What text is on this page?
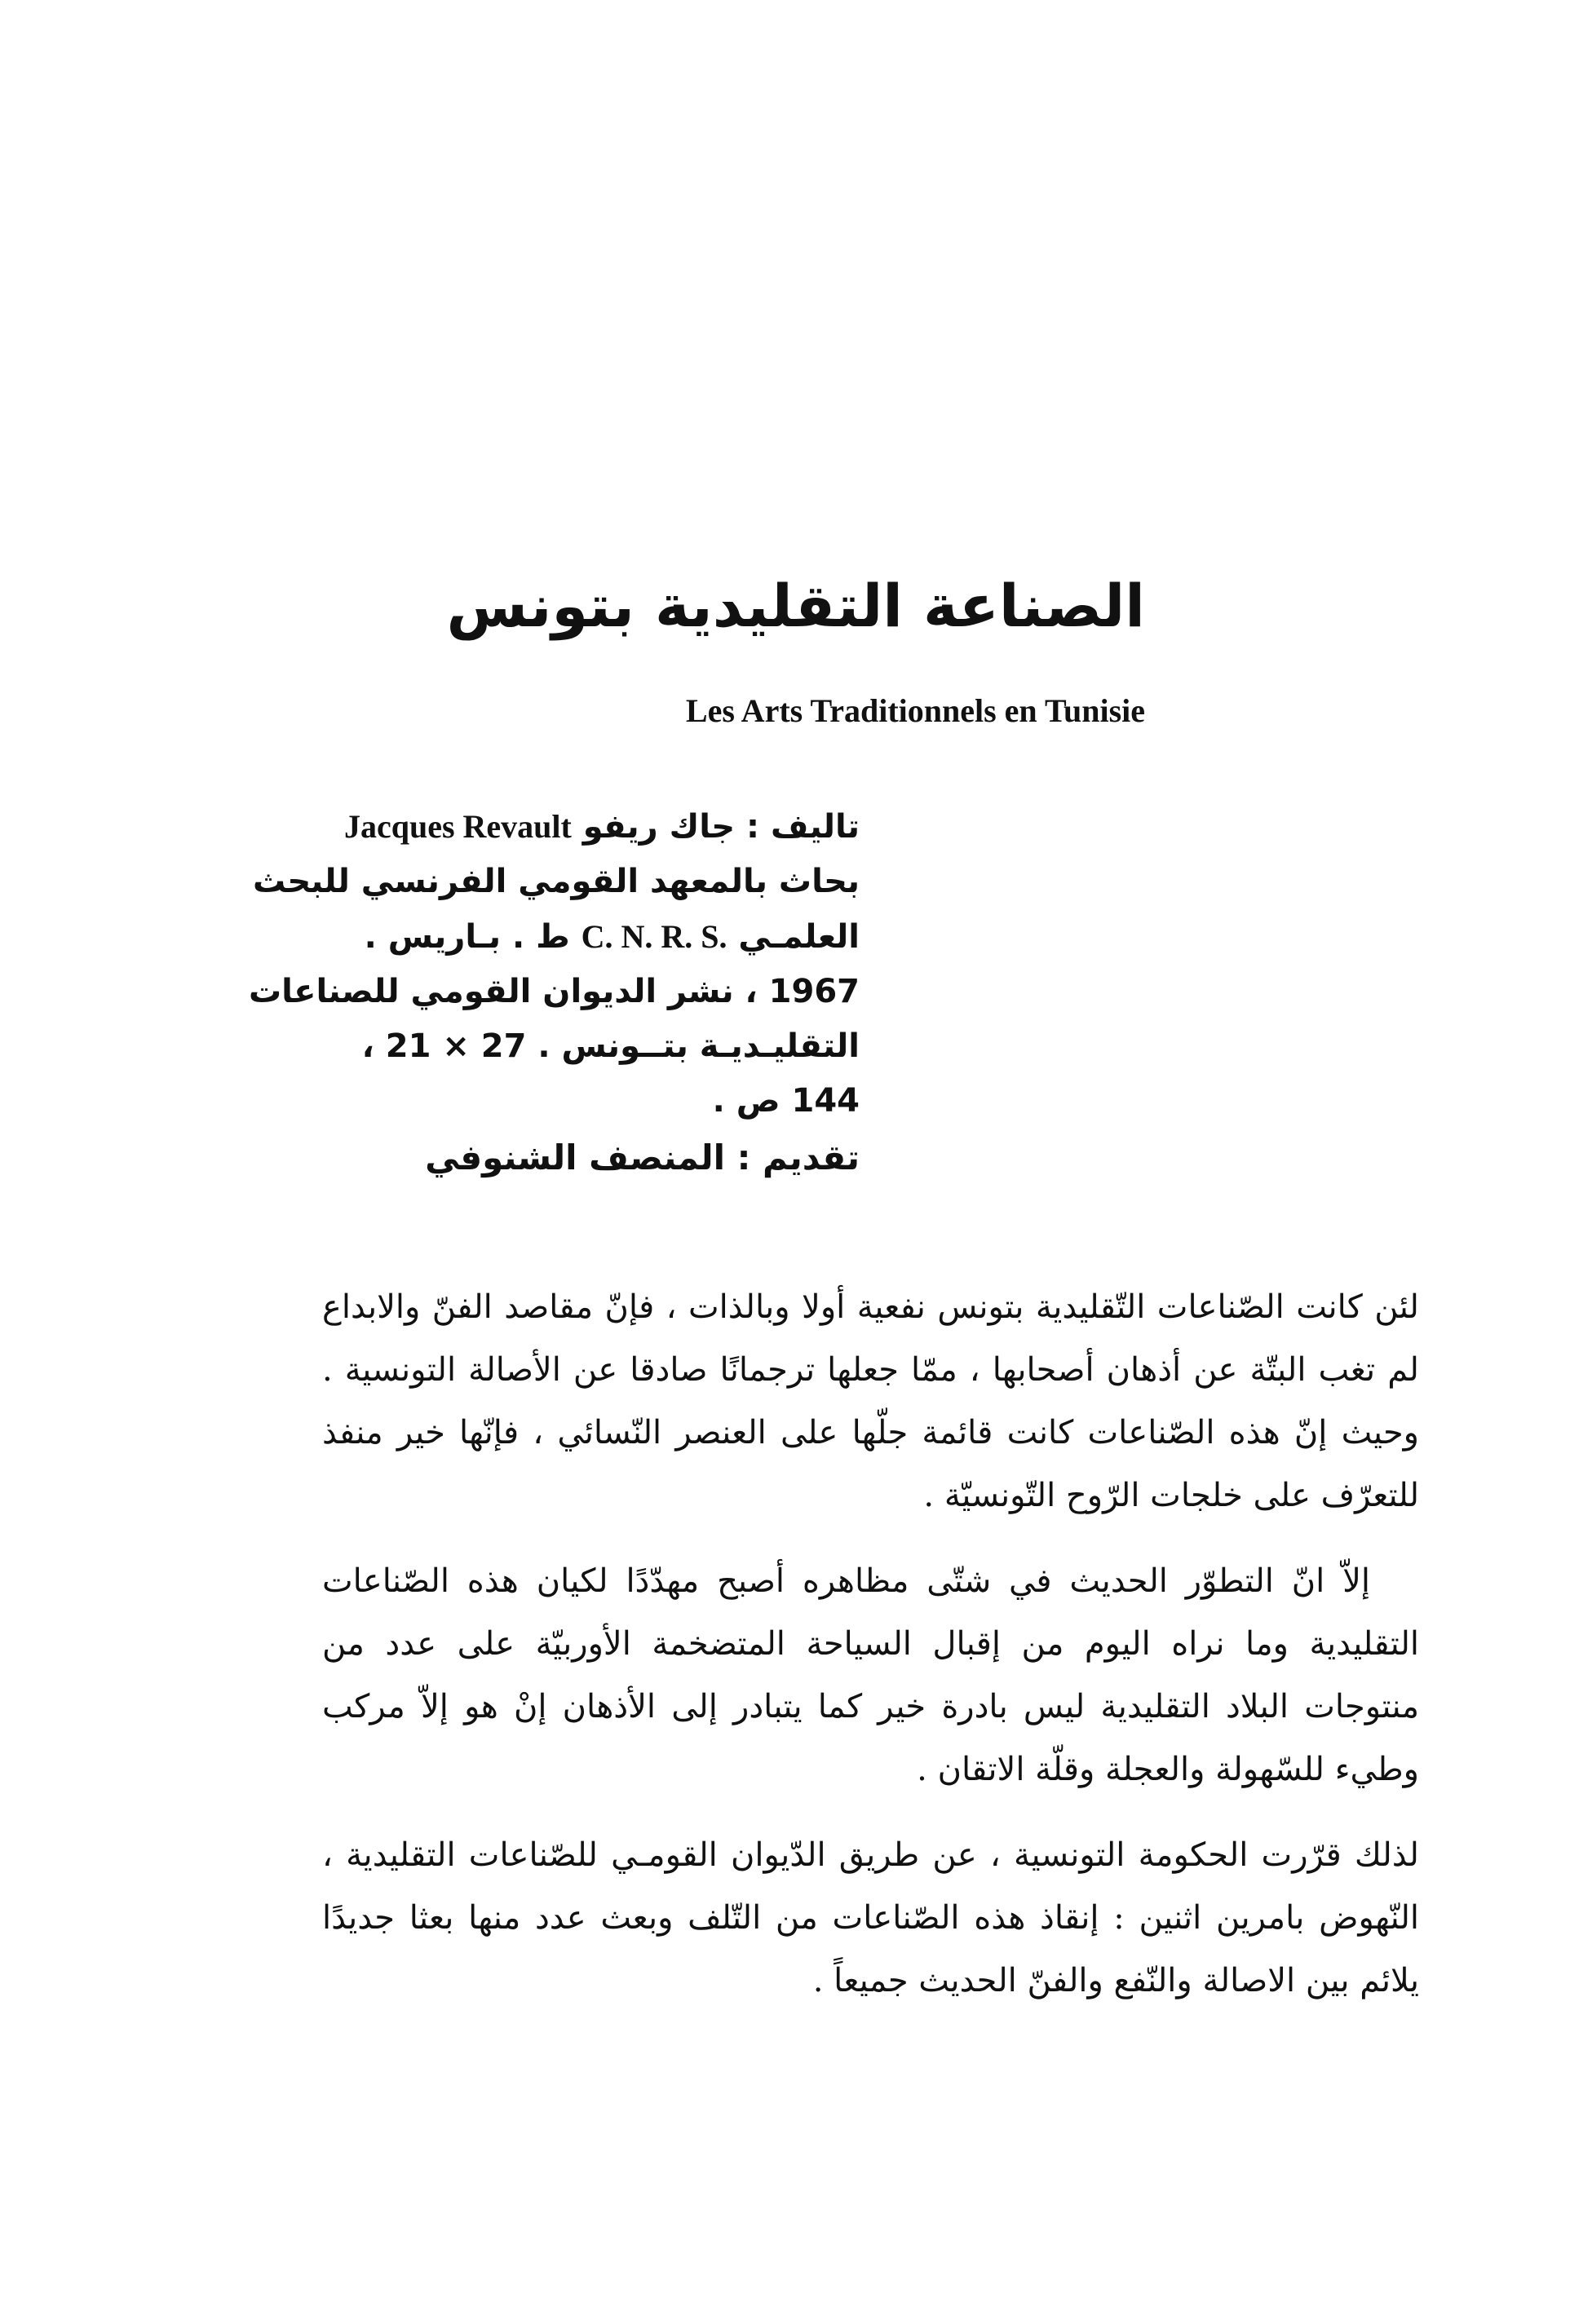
الصناعة التقليدية بتونس
Les Arts Traditionnels en Tunisie
تاليف : جاك ريفو Jacques Revault
بحاث بالمعهد القومي الفرنسي للبحث
العلمـي C. N. R. S. ط . بـاريس .
1967 ، نشر الديوان القومي للصناعات
التقليـديـة بتــونس . 27 × 21 ،
144 ص .
تقديم : المنصف الشنوفي

لئن كانت الصّناعات التّقليدية بتونس نفعية أولا وبالذات ، فإنّ مقاصد الفنّ والابداع لم تغب البتّة عن أذهان أصحابها ، ممّا جعلها ترجمانًا صادقا عن الأصالة التونسية . وحيث إنّ هذه الصّناعات كانت قائمة جلّها على العنصر النّسائي ، فإنّها خير منفذ للتعرّف على خلجات الرّوح التّونسيّة .

إلاّ انّ التطوّر الحديث في شتّى مظاهره أصبح مهدّدًا لكيان هذه الصّناعات التقليدية وما نراه اليوم من إقبال السياحة المتضخمة الأوربيّة على عدد من منتوجات البلاد التقليدية ليس بادرة خير كما يتبادر إلى الأذهان إنْ هو إلاّ مركب وطيء للسّهولة والعجلة وقلّة الاتقان .

لذلك قرّرت الحكومة التونسية ، عن طريق الدّيوان القومـي للصّناعات التقليدية ، النّهوض بامرين اثنين : إنقاذ هذه الصّناعات من التّلف وبعث عدد منها بعثا جديدًا يلائم بين الاصالة والنّفع والفنّ الحديث جميعاً .
